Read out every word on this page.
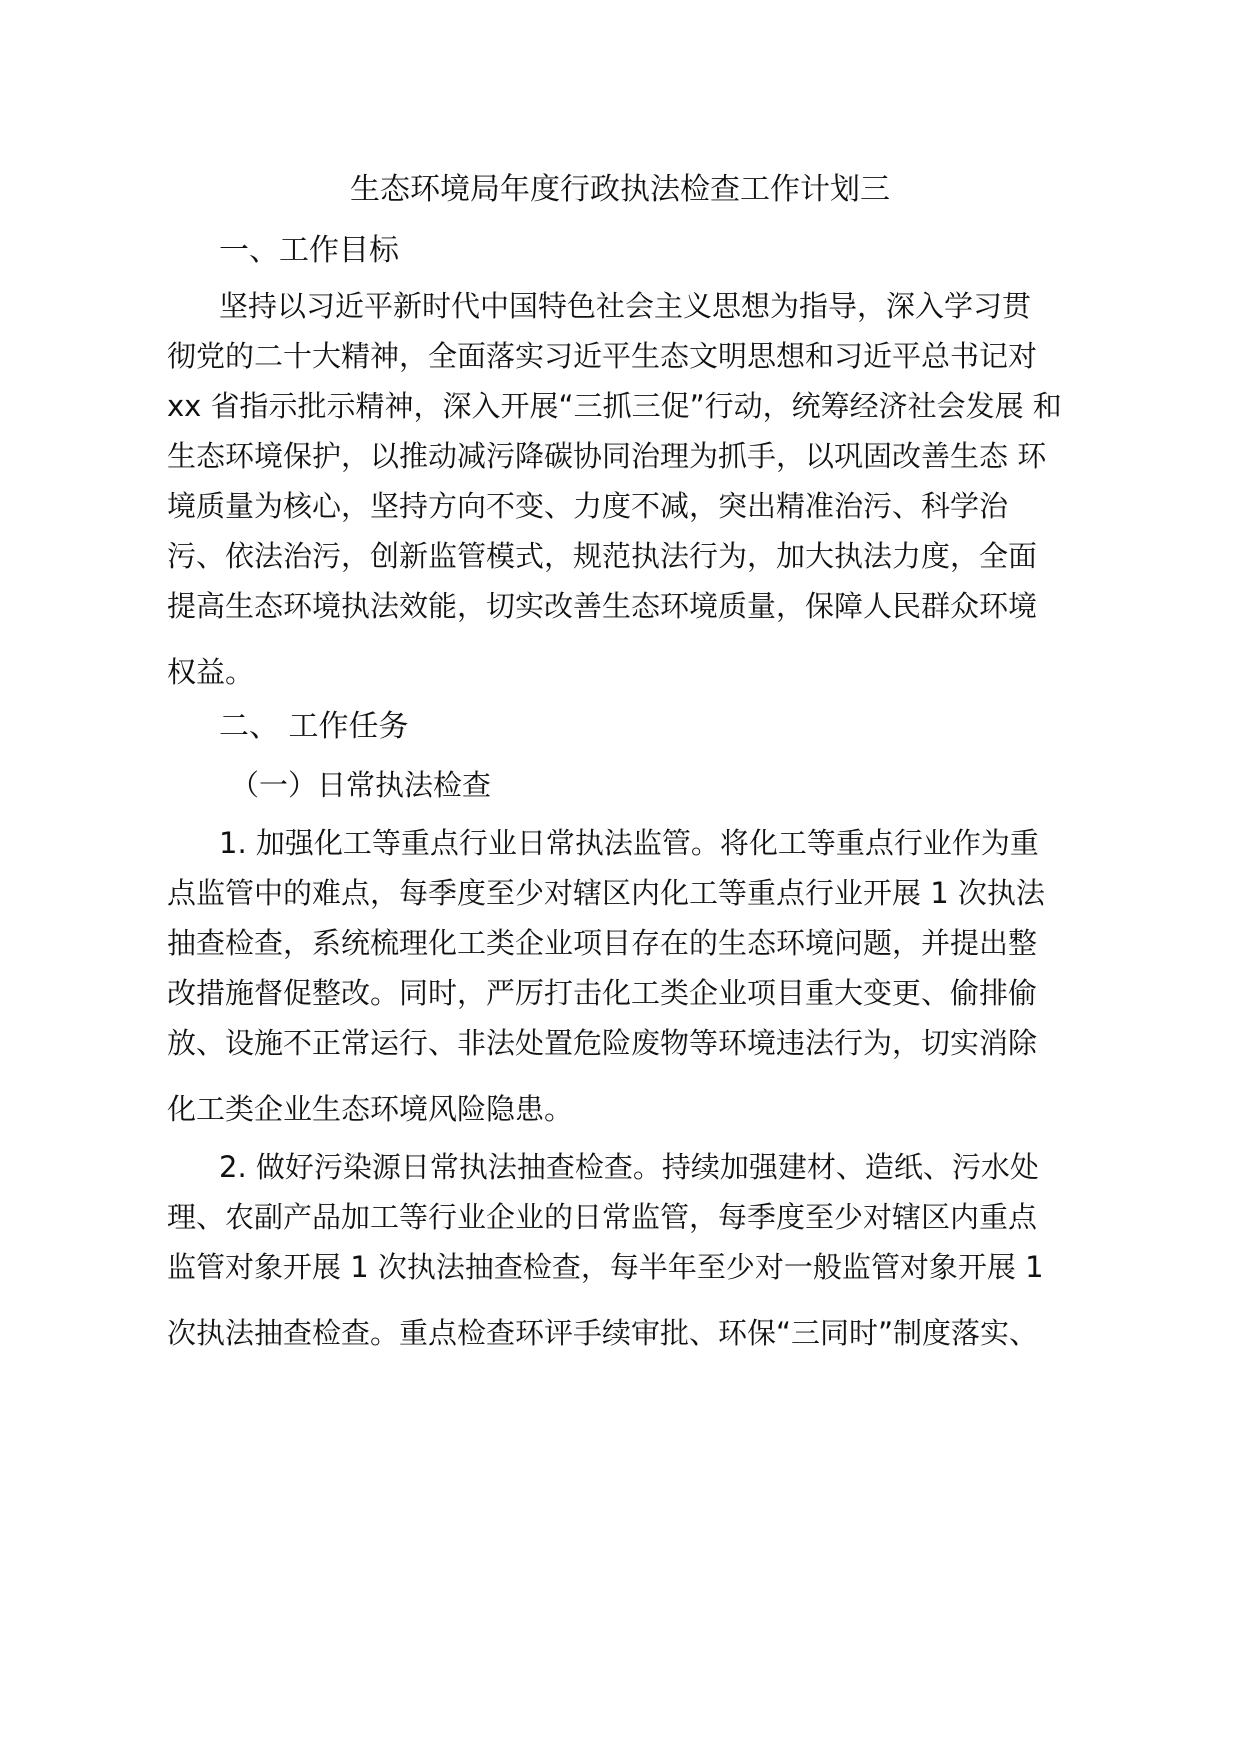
生态环境局年度行政执法检查工作计划三
一、工作目标
坚持以习近平新时代中国特色社会主义思想为指导，深入学习贯
彻党的二十大精神，全面落实习近平生态文明思想和习近平总书记对
xx 省指示批示精神，深入开展“三抓三促”行动，统筹经济社会发展 和
生态环境保护，以推动减污降碳协同治理为抓手，以巩固改善生态 环
境质量为核心，坚持方向不变、力度不减，突出精准治污、科学治
污、依法治污，创新监管模式，规范执法行为，加大执法力度，全面
提高生态环境执法效能，切实改善生态环境质量，保障人民群众环境
权益。
二、 工作任务
（一）日常执法检查
1. 加强化工等重点行业日常执法监管。将化工等重点行业作为重
点监管中的难点，每季度至少对辖区内化工等重点行业开展 1 次执法
抽查检查，系统梳理化工类企业项目存在的生态环境问题，并提出整
改措施督促整改。同时，严厉打击化工类企业项目重大变更、偷排偷
放、设施不正常运行、非法处置危险废物等环境违法行为，切实消除
化工类企业生态环境风险隐患。
2. 做好污染源日常执法抽查检查。持续加强建材、造纸、污水处
理、农副产品加工等行业企业的日常监管，每季度至少对辖区内重点
监管对象开展 1 次执法抽查检查，每半年至少对一般监管对象开展 1
次执法抽查检查。重点检查环评手续审批、环保“三同时”制度落实、
